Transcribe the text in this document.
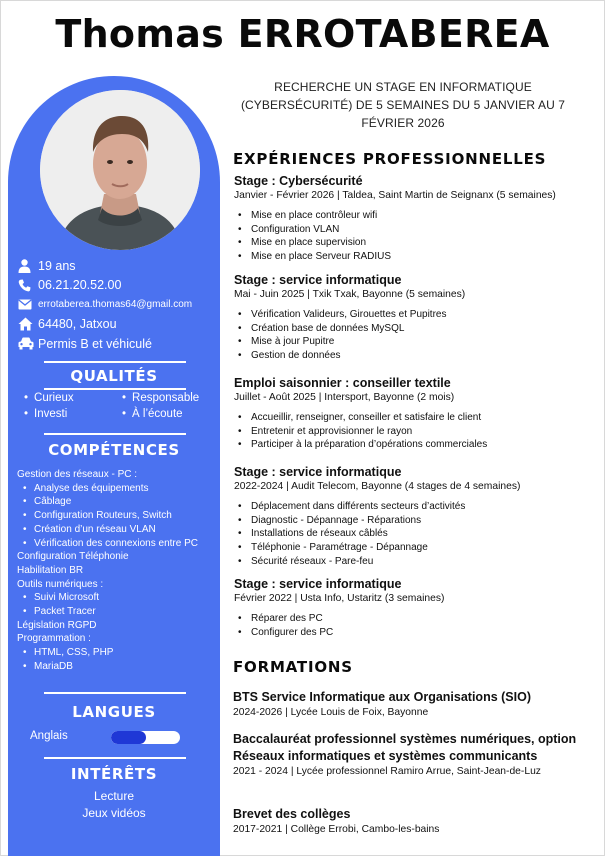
Thomas ERROTABEREA
19 ans
06.21.20.52.00
errotaberea.thomas64@gmail.com
64480, Jatxou
Permis B et véhiculé
QUALITÉS
• Curieux
• Investi
• Responsable
• À l’écoute
COMPÉTENCES
Gestion des réseaux - PC :
• Analyse des équipements
• Câblage
• Configuration Routeurs, Switch
• Création d’un réseau VLAN
• Vérification des connexions entre PC
Configuration Téléphonie
Habilitation BR
Outils numériques :
• Suivi Microsoft
• Packet Tracer
Législation RGPD
Programmation :
• HTML, CSS, PHP
• MariaDB
LANGUES
Anglais
INTÉRÊTS
Lecture
Jeux vidéos

RECHERCHE UN STAGE EN INFORMATIQUE (CYBERSÉCURITÉ) DE 5 SEMAINES DU 5 JANVIER AU 7 FÉVRIER 2026

EXPÉRIENCES PROFESSIONNELLES
Stage : Cybersécurité
Janvier - Février 2026 | Taldea, Saint Martin de Seignanx (5 semaines)
• Mise en place contrôleur wifi
• Configuration VLAN
• Mise en place supervision
• Mise en place Serveur RADIUS
Stage : service informatique
Mai - Juin 2025 | Txik Txak, Bayonne (5 semaines)
• Vérification Valideurs, Girouettes et Pupitres
• Création base de données MySQL
• Mise à jour Pupitre
• Gestion de données
Emploi saisonnier : conseiller textile
Juillet - Août 2025 | Intersport, Bayonne (2 mois)
• Accueillir, renseigner, conseiller et satisfaire le client
• Entretenir et approvisionner le rayon
• Participer à la préparation d’opérations commerciales
Stage : service informatique
2022-2024 | Audit Telecom, Bayonne (4 stages de 4 semaines)
• Déplacement dans différents secteurs d’activités
• Diagnostic - Dépannage - Réparations
• Installations de réseaux câblés
• Téléphonie - Paramétrage - Dépannage
• Sécurité réseaux - Pare-feu
Stage : service informatique
Février 2022 | Usta Info, Ustaritz (3 semaines)
• Réparer des PC
• Configurer des PC
FORMATIONS
BTS Service Informatique aux Organisations (SIO)
2024-2026 | Lycée Louis de Foix, Bayonne
Baccalauréat professionnel systèmes numériques, option Réseaux informatiques et systèmes communicants
2021 - 2024 | Lycée professionnel Ramiro Arrue, Saint-Jean-de-Luz
Brevet des collèges
2017-2021 | Collège Errobi, Cambo-les-bains
